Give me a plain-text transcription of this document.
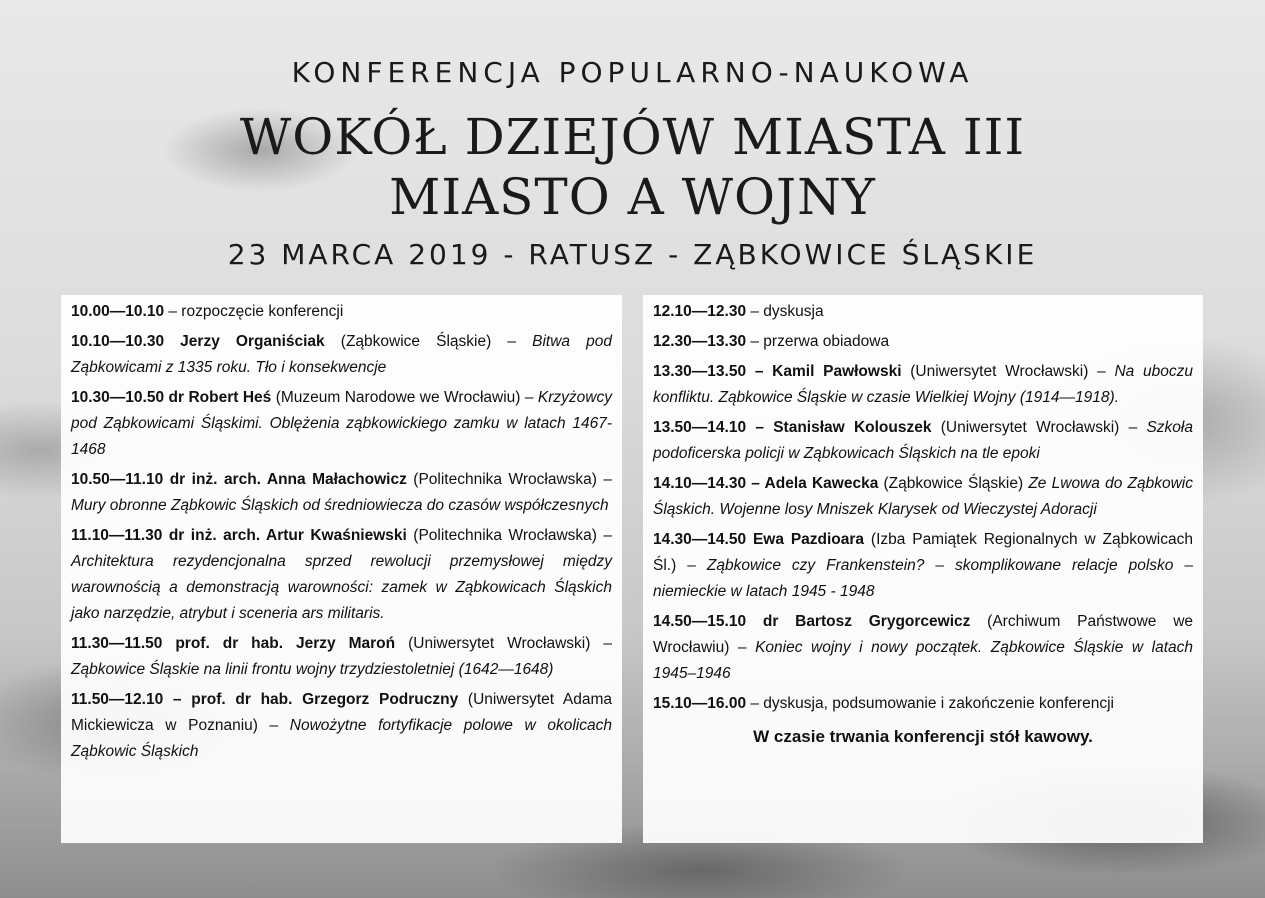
KONFERENCJA POPULARNO-NAUKOWA
WOKÓŁ DZIEJÓW MIASTA III
MIASTO A WOJNY
23 MARCA 2019 - RATUSZ - ZĄBKOWICE ŚLĄSKIE
10.00—10.10 – rozpoczęcie konferencji
10.10—10.30 Jerzy Organiściak (Ząbkowice Śląskie) – Bitwa pod Ząbkowicami z 1335 roku. Tło i konsekwencje
10.30—10.50 dr Robert Heś (Muzeum Narodowe we Wrocławiu) – Krzyżowcy pod Ząbkowicami Śląskimi. Oblężenia ząbkowickiego zamku w latach 1467-1468
10.50—11.10 dr inż. arch. Anna Małachowicz (Politechnika Wrocławska) – Mury obronne Ząbkowic Śląskich od średniowiecza do czasów współczesnych
11.10—11.30 dr inż. arch. Artur Kwaśniewski (Politechnika Wrocławska) – Architektura rezydencjonalna sprzed rewolucji przemysłowej między warownością a demonstracją warowności: zamek w Ząbkowicach Śląskich jako narzędzie, atrybut i sceneria ars militaris.
11.30—11.50 prof. dr hab. Jerzy Maroń (Uniwersytet Wrocławski) – Ząbkowice Śląskie na linii frontu wojny trzydziestoletniej (1642—1648)
11.50—12.10 – prof. dr hab. Grzegorz Podruczny (Uniwersytet Adama Mickiewicza w Poznaniu) – Nowożytne fortyfikacje polowe w okolicach Ząbkowic Śląskich
12.10—12.30 – dyskusja
12.30—13.30 – przerwa obiadowa
13.30—13.50 – Kamil Pawłowski (Uniwersytet Wrocławski) – Na uboczu konfliktu. Ząbkowice Śląskie w czasie Wielkiej Wojny (1914—1918).
13.50—14.10 – Stanisław Kolouszek (Uniwersytet Wrocławski) – Szkoła podoficerska policji w Ząbkowicach Śląskich na tle epoki
14.10—14.30 – Adela Kawecka (Ząbkowice Śląskie) Ze Lwowa do Ząbkowic Śląskich. Wojenne losy Mniszek Klarysek od Wieczystej Adoracji
14.30—14.50 Ewa Pazdioara (Izba Pamiątek Regionalnych w Ząbkowicach Śl.) – Ząbkowice czy Frankenstein? – skomplikowane relacje polsko – niemieckie w latach 1945 - 1948
14.50—15.10 dr Bartosz Grygorcewicz (Archiwum Państwowe we Wrocławiu) – Koniec wojny i nowy początek. Ząbkowice Śląskie w latach 1945–1946
15.10—16.00 – dyskusja, podsumowanie i zakończenie konferencji
W czasie trwania konferencji stół kawowy.
